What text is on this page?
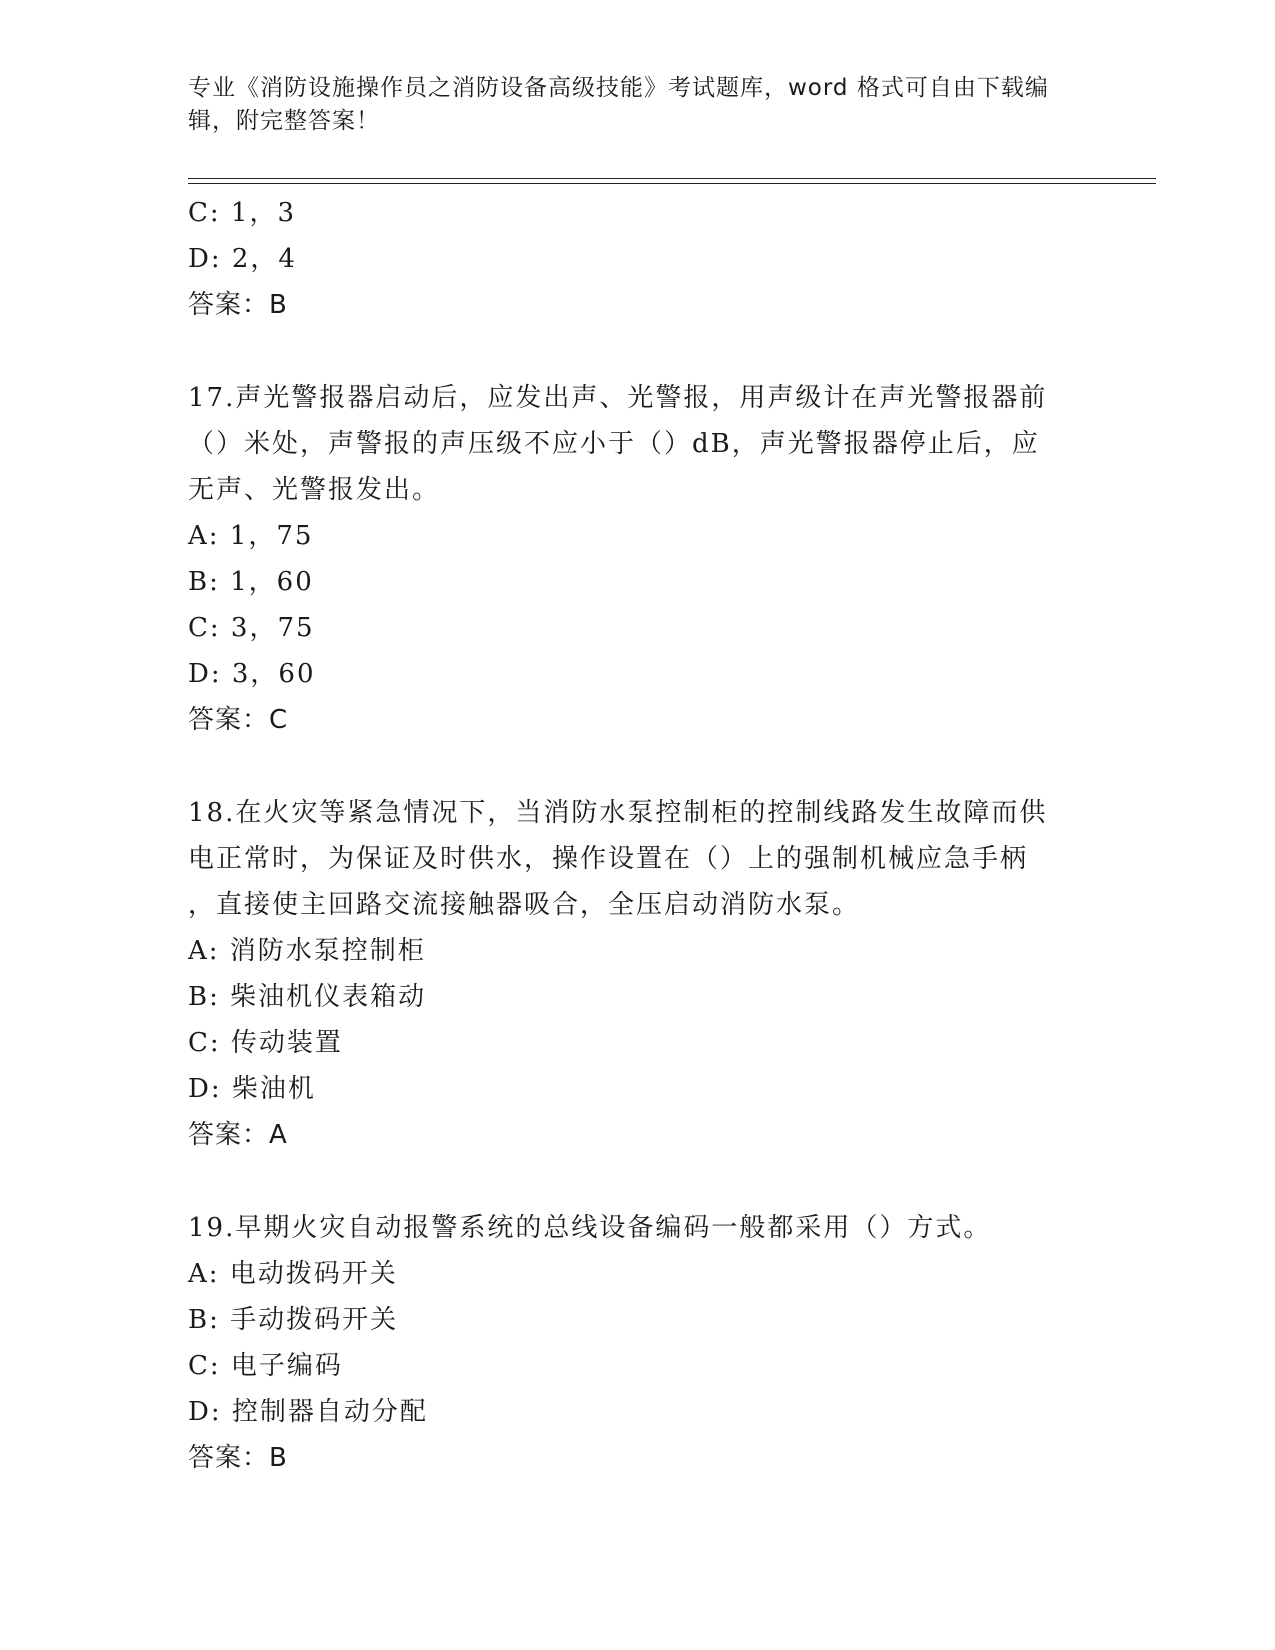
专业《消防设施操作员之消防设备高级技能》考试题库，word 格式可自由下载编
辑，附完整答案！
C: 1，3
D: 2，4
答案：B
17.声光警报器启动后，应发出声、光警报，用声级计在声光警报器前
（）米处，声警报的声压级不应小于（）dB，声光警报器停止后，应
无声、光警报发出。
A: 1，75
B: 1，60
C: 3，75
D: 3，60
答案：C
18.在火灾等紧急情况下，当消防水泵控制柜的控制线路发生故障而供
电正常时，为保证及时供水，操作设置在（）上的强制机械应急手柄
，直接使主回路交流接触器吸合，全压启动消防水泵。
A: 消防水泵控制柜
B: 柴油机仪表箱动
C: 传动装置
D: 柴油机
答案：A
19.早期火灾自动报警系统的总线设备编码一般都采用（）方式。
A: 电动拨码开关
B: 手动拨码开关
C: 电子编码
D: 控制器自动分配
答案：B
